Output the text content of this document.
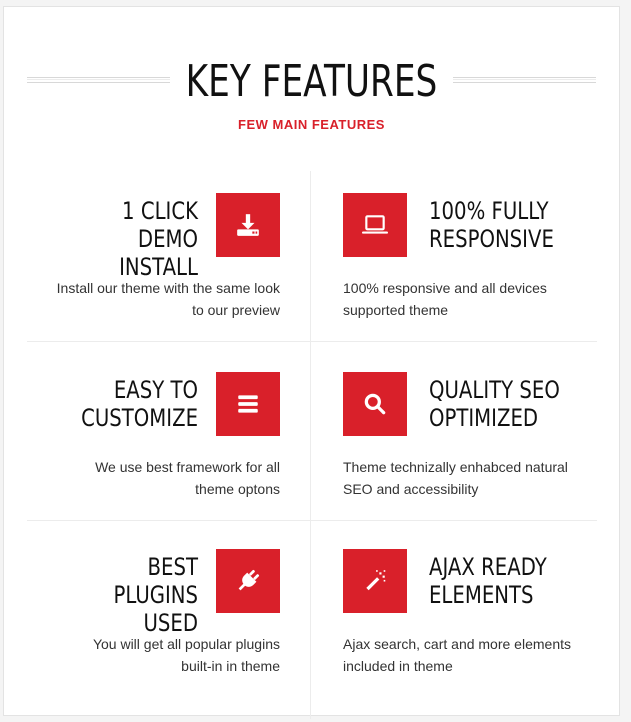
KEY FEATURES
FEW MAIN FEATURES
1 CLICK DEMO
INSTALL
Install our theme with the same look
to our preview
100% FULLY
RESPONSIVE
100% responsive and all devices
supported theme
EASY TO
CUSTOMIZE
We use best framework for all
theme optons
QUALITY SEO
OPTIMIZED
Theme technizally enhabced natural
SEO and accessibility
BEST PLUGINS
USED
You will get all popular plugins
built-in in theme
AJAX READY
ELEMENTS
Ajax search, cart and more elements
included in theme
